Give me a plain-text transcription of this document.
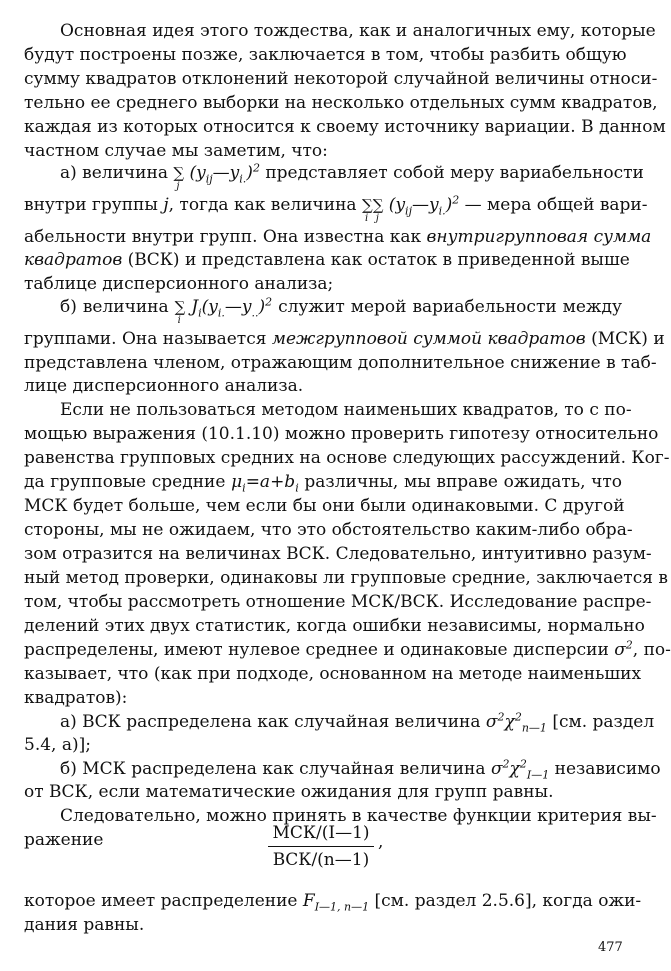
Основная идея этого тождества, как и аналогичных ему, которые
будут построены позже, заключается в том, чтобы разбить общую
сумму квадратов отклонений некоторой случайной величины относи-
тельно ее среднего выборки на несколько отдельных сумм квадратов,
каждая из которых относится к своему источнику вариации. В данном
частном случае мы заметим, что:
а) величина ∑
j
$(y_{ij}—y_{i.})^2$ представляет собой меру вариабельности
внутри группы j, тогда как величина ∑
i
∑
j
$(y_{ij}—y_{i.})^2$ — мера общей вари-
абельности внутри групп. Она известна как внутригрупповая сумма
квадратов (ВСК) и представлена как остаток в приведенной выше
таблице дисперсионного анализа;
б) величина ∑
i
$J_i(y_{i.}—y_{..})^2$ служит мерой вариабельности между
группами. Она называется межгрупповой суммой квадратов (МСК) и
представлена членом, отражающим дополнительное снижение в таб-
лице дисперсионного анализа.
Если не пользоваться методом наименьших квадратов, то с по-
мощью выражения (10.1.10) можно проверить гипотезу относительно
равенства групповых средних на основе следующих рассуждений. Ког-
да групповые средние $\mu_i=a+b_i$ различны, мы вправе ожидать, что
МСК будет больше, чем если бы они были одинаковыми. С другой
стороны, мы не ожидаем, что это обстоятельство каким-либо обра-
зом отразится на величинах ВСК. Следовательно, интуитивно разум-
ный метод проверки, одинаковы ли групповые средние, заключается в
том, чтобы рассмотреть отношение МСК/ВСК. Исследование распре-
делений этих двух статистик, когда ошибки независимы, нормально
распределены, имеют нулевое среднее и одинаковые дисперсии $\sigma^2$, по-
казывает, что (как при подходе, основанном на методе наименьших
квадратов):
а) ВСК распределена как случайная величина $\sigma^2\chi^2_{n—1}$ [см. раздел
5.4, а)];
б) МСК распределена как случайная величина $\sigma^2\chi^2_{I—1}$ независимо
от ВСК, если математические ожидания для групп равны.
Следовательно, можно принять в качестве функции критерия вы-
ражение	МСК/(I—1)
ВСК/(n—1)
,
которое имеет распределение $F_{I—1, n—1}$ [см. раздел 2.5.6], когда ожи-
дания равны.
477
